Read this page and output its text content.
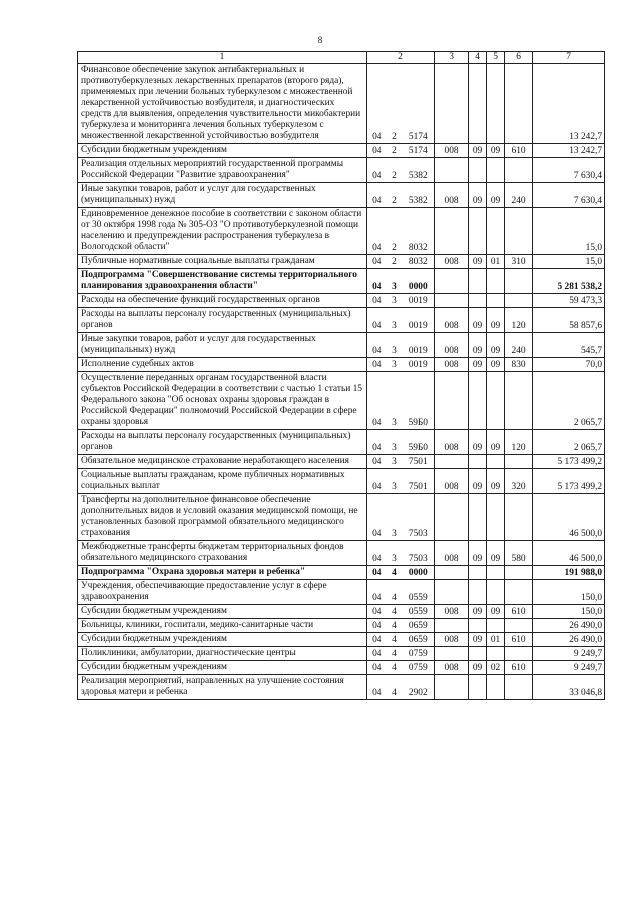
8
1	2			3	4	5	6	7
Финансовое обеспечение закупок антибактериальных и противотуберкулезных лекарственных препаратов (второго ряда), применяемых при лечении больных туберкулезом с множественной лекарственной устойчивостью возбудителя, и диагностических средств для выявления, определения чувствительности микобактерии туберкулеза и мониторинга лечения больных туберкулезом с множественной лекарственной устойчивостью возбудителя	04	2	5174					13 242,7
Субсидии бюджетным учреждениям	04	2	5174	008	09	09	610	13 242,7
Реализация отдельных мероприятий государственной программы Российской Федерации "Развитие здравоохранения"	04	2	5382					7 630,4
Иные закупки товаров, работ и услуг для государственных (муниципальных) нужд	04	2	5382	008	09	09	240	7 630,4
Единовременное денежное пособие в соответствии с законом области от 30 октября 1998 года № 305-ОЗ "О противотуберкулезной помощи населению и предупреждении распространения туберкулеза в Вологодской области"	04	2	8032					15,0
Публичные нормативные социальные выплаты гражданам	04	2	8032	008	09	01	310	15,0
Подпрограмма "Совершенствование системы территориального планирования здравоохранения области"	04	3	0000					5 281 538,2
Расходы на обеспечение функций государственных органов	04	3	0019					59 473,3
Расходы на выплаты персоналу государственных (муниципальных) органов	04	3	0019	008	09	09	120	58 857,6
Иные закупки товаров, работ и услуг для государственных (муниципальных) нужд	04	3	0019	008	09	09	240	545,7
Исполнение судебных актов	04	3	0019	008	09	09	830	70,0
Осуществление переданных органам государственной власти субъектов Российской Федерации в соответствии с частью 1 статьи 15 Федерального закона "Об основах охраны здоровья граждан в Российской Федерации" полномочий Российской Федерации в сфере охраны здоровья	04	3	59Б0					2 065,7
Расходы на выплаты персоналу государственных (муниципальных) органов	04	3	59Б0	008	09	09	120	2 065,7
Обязательное медицинское страхование неработающего населения	04	3	7501					5 173 499,2
Социальные выплаты гражданам, кроме публичных нормативных социальных выплат	04	3	7501	008	09	09	320	5 173 499,2
Трансферты на дополнительное финансовое обеспечение дополнительных видов и условий оказания медицинской помощи, не установленных базовой программой обязательного медицинского страхования	04	3	7503					46 500,0
Межбюджетные трансферты бюджетам территориальных фондов обязательного медицинского страхования	04	3	7503	008	09	09	580	46 500,0
Подпрограмма "Охрана здоровья матери и ребенка"	04	4	0000					191 988,0
Учреждения, обеспечивающие предоставление услуг в сфере здравоохранения	04	4	0559					150,0
Субсидии бюджетным учреждениям	04	4	0559	008	09	09	610	150,0
Больницы, клиники, госпитали, медико-санитарные части	04	4	0659					26 490,0
Субсидии бюджетным учреждениям	04	4	0659	008	09	01	610	26 490,0
Поликлиники, амбулатории, диагностические центры	04	4	0759					9 249,7
Субсидии бюджетным учреждениям	04	4	0759	008	09	02	610	9 249,7
Реализация мероприятий, направленных на улучшение состояния здоровья матери и ребенка	04	4	2902					33 046,8
